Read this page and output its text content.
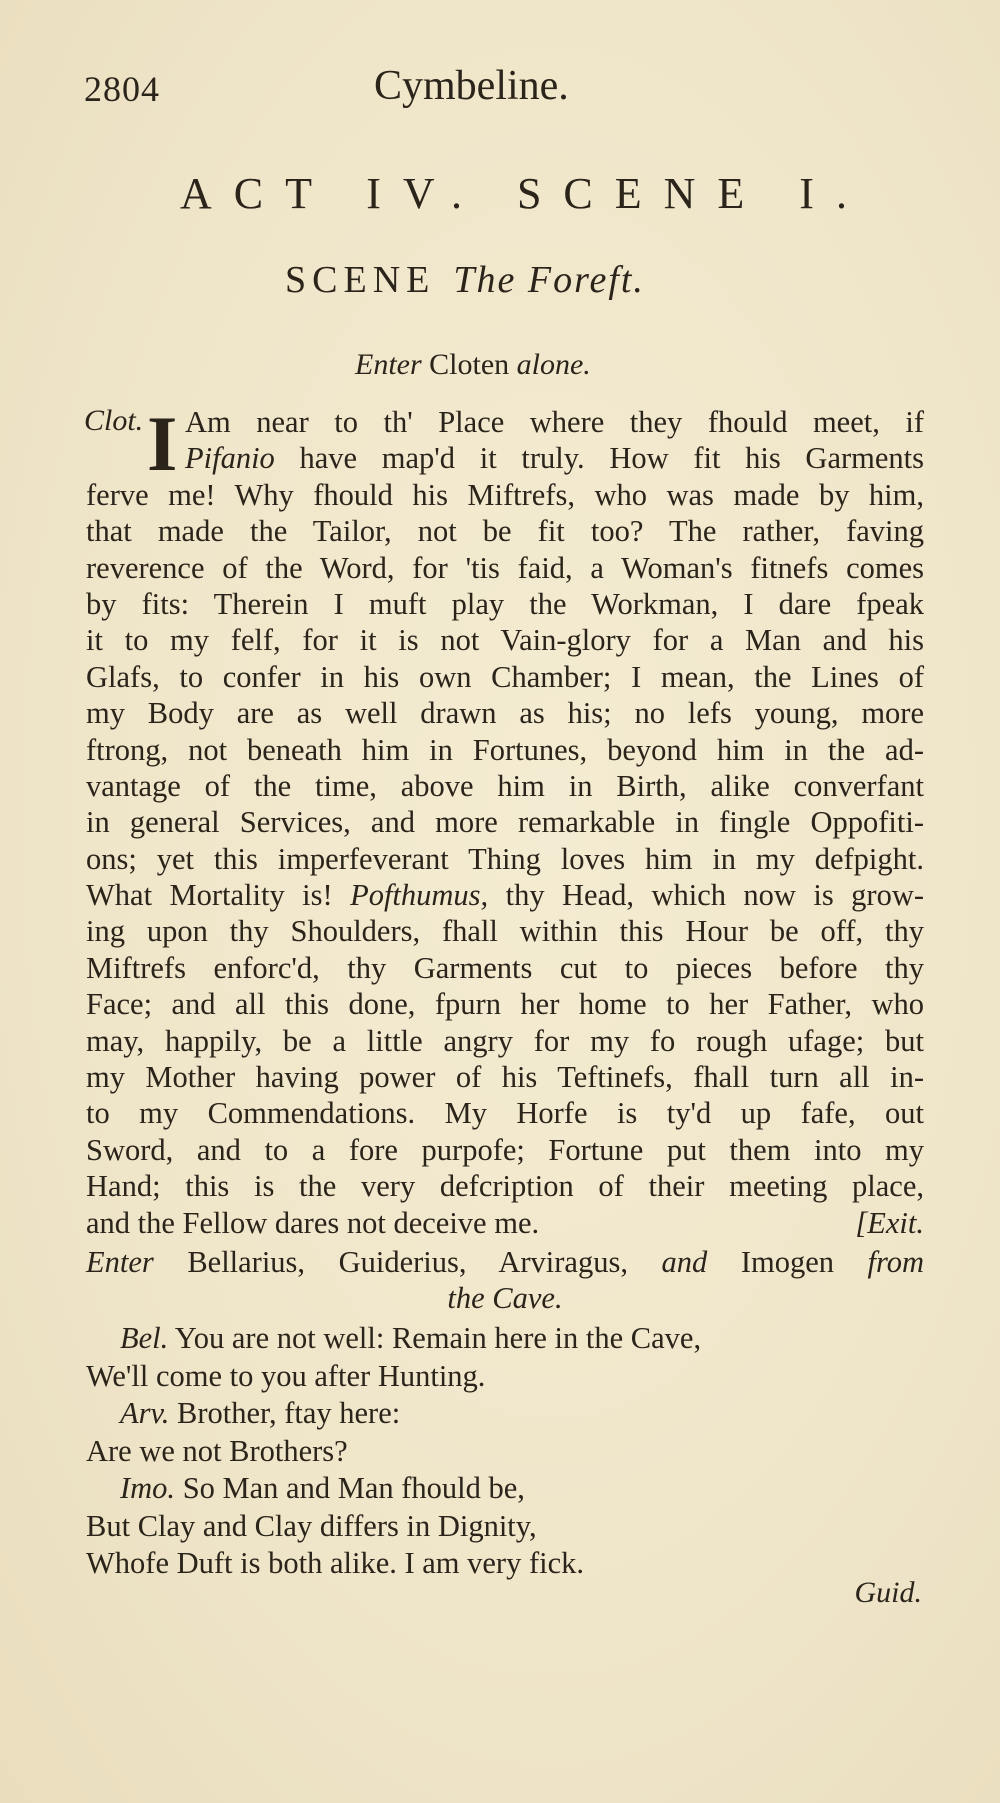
2804	Cymbeline.
ACT IV. SCENE I.
SCENE The Foreft.
Enter Cloten alone.
Clot. I Am near to th' Place where they fhould meet, if
Pifanio have map'd it truly. How fit his Garments
ferve me! Why fhould his Miftrefs, who was made by him,
that made the Tailor, not be fit too? The rather, faving
reverence of the Word, for 'tis faid, a Woman's fitnefs comes
by fits: Therein I muft play the Workman, I dare fpeak
it to my felf, for it is not Vain-glory for a Man and his
Glafs, to confer in his own Chamber; I mean, the Lines of
my Body are as well drawn as his; no lefs young, more
ftrong, not beneath him in Fortunes, beyond him in the ad-
vantage of the time, above him in Birth, alike converfant
in general Services, and more remarkable in fingle Oppofiti-
ons; yet this imperfeverant Thing loves him in my defpight.
What Mortality is! Pofthumus, thy Head, which now is grow-
ing upon thy Shoulders, fhall within this Hour be off, thy
Miftrefs enforc'd, thy Garments cut to pieces before thy
Face; and all this done, fpurn her home to her Father, who
may, happily, be a little angry for my fo rough ufage; but
my Mother having power of his Teftinefs, fhall turn all in-
to my Commendations. My Horfe is ty'd up fafe, out
Sword, and to a fore purpofe; Fortune put them into my
Hand; this is the very defcription of their meeting place,
and the Fellow dares not deceive me.	[Exit.
Enter Bellarius, Guiderius, Arviragus, and Imogen from
the Cave.
Bel. You are not well: Remain here in the Cave,
We'll come to you after Hunting.
Arv. Brother, ftay here:
Are we not Brothers?
Imo. So Man and Man fhould be,
But Clay and Clay differs in Dignity,
Whofe Duft is both alike. I am very fick.
Guid.
